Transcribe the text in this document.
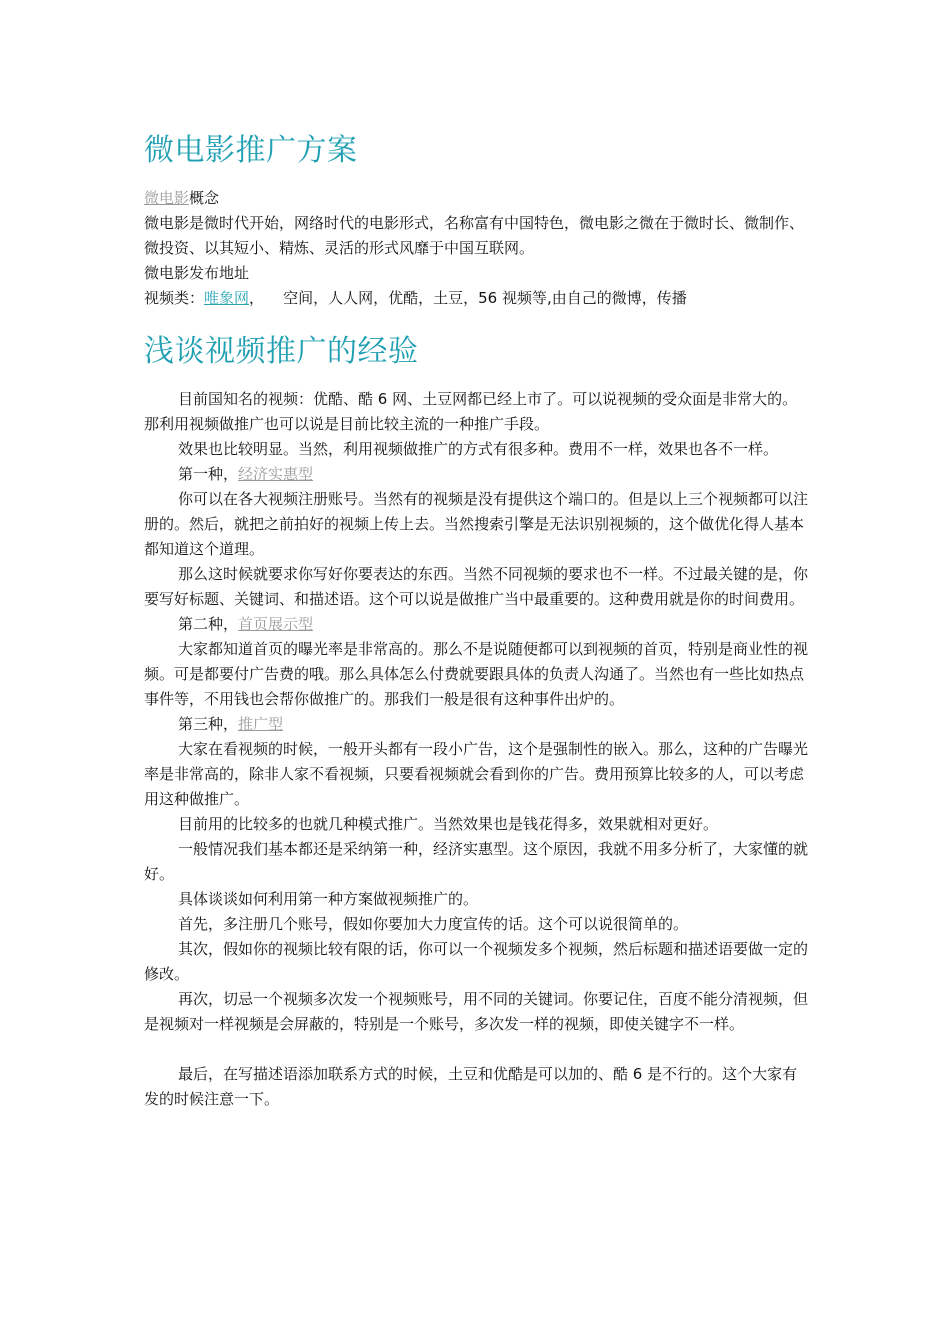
微电影推广方案

微电影概念

微电影是微时代开始，网络时代的电影形式，名称富有中国特色，微电影之微在于微时长、微制作、微投资、以其短小、精炼、灵活的形式风靡于中国互联网。

微电影发布地址

视频类：唯象网，    空间，人人网，优酷，土豆，56 视频等,由自己的微博，传播

浅谈视频推广的经验

目前国知名的视频：优酷、酷 6 网、土豆网都已经上市了。可以说视频的受众面是非常大的。那利用视频做推广也可以说是目前比较主流的一种推广手段。

效果也比较明显。当然，利用视频做推广的方式有很多种。费用不一样，效果也各不一样。

第一种，经济实惠型

你可以在各大视频注册账号。当然有的视频是没有提供这个端口的。但是以上三个视频都可以注册的。然后，就把之前拍好的视频上传上去。当然搜索引擎是无法识别视频的，这个做优化得人基本都知道这个道理。

那么这时候就要求你写好你要表达的东西。当然不同视频的要求也不一样。不过最关键的是，你要写好标题、关键词、和描述语。这个可以说是做推广当中最重要的。这种费用就是你的时间费用。

第二种，首页展示型

大家都知道首页的曝光率是非常高的。那么不是说随便都可以到视频的首页，特别是商业性的视频。可是都要付广告费的哦。那么具体怎么付费就要跟具体的负责人沟通了。当然也有一些比如热点事件等，不用钱也会帮你做推广的。那我们一般是很有这种事件出炉的。

第三种，推广型

大家在看视频的时候，一般开头都有一段小广告，这个是强制性的嵌入。那么，这种的广告曝光率是非常高的，除非人家不看视频，只要看视频就会看到你的广告。费用预算比较多的人，可以考虑用这种做推广。

目前用的比较多的也就几种模式推广。当然效果也是钱花得多，效果就相对更好。

一般情况我们基本都还是采纳第一种，经济实惠型。这个原因，我就不用多分析了，大家懂的就好。

具体谈谈如何利用第一种方案做视频推广的。

首先，多注册几个账号，假如你要加大力度宣传的话。这个可以说很简单的。

其次，假如你的视频比较有限的话，你可以一个视频发多个视频，然后标题和描述语要做一定的修改。

再次，切忌一个视频多次发一个视频账号，用不同的关键词。你要记住，百度不能分清视频，但是视频对一样视频是会屏蔽的，特别是一个账号，多次发一样的视频，即使关键字不一样。

最后，在写描述语添加联系方式的时候，土豆和优酷是可以加的、酷 6 是不行的。这个大家有发的时候注意一下。
